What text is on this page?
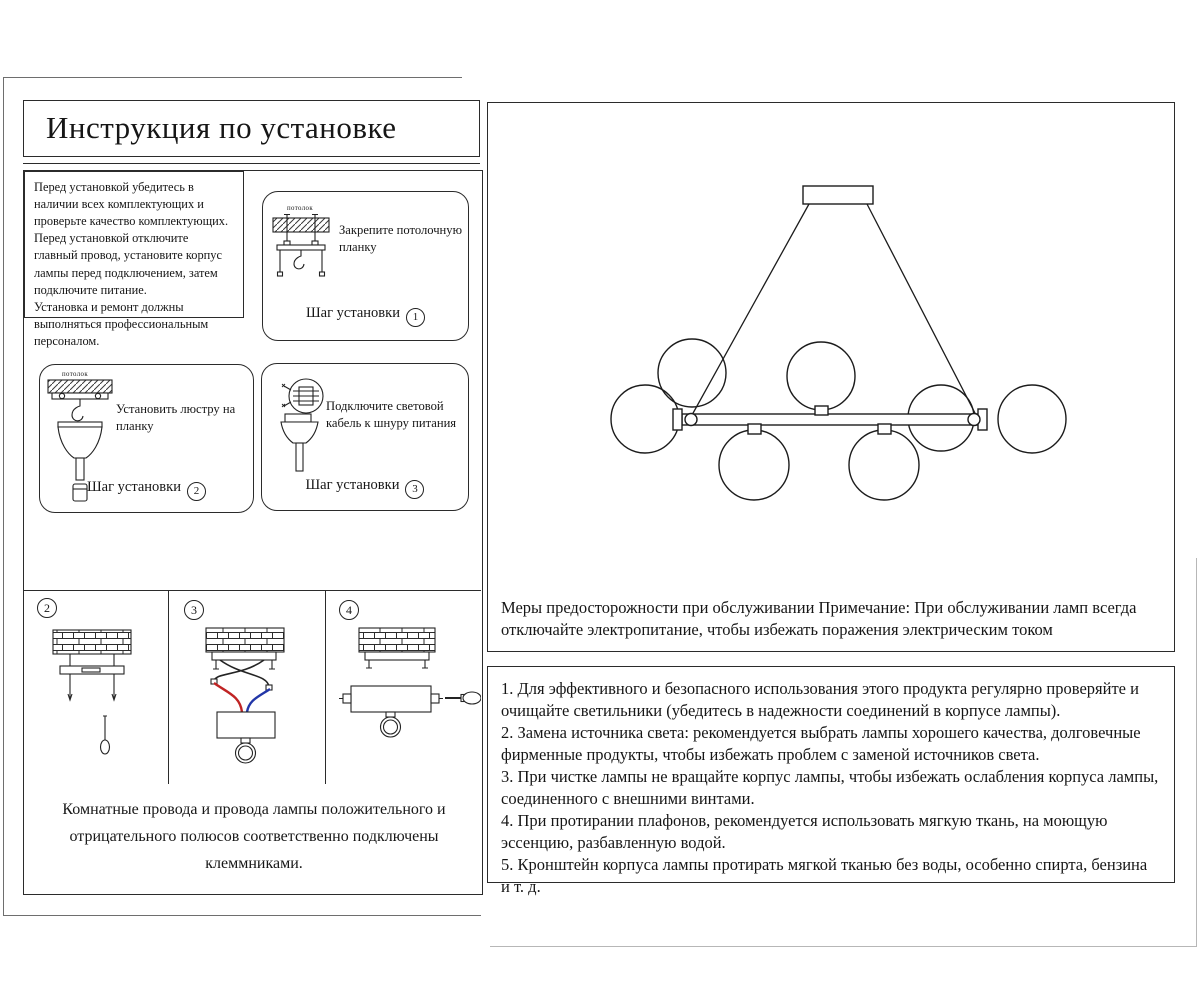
Инструкция по установке

Перед установкой убедитесь в наличии всех комплектующих и проверьте качество комплектующих.

Перед установкой отключите главный провод, установите корпус лампы перед подключением, затем подключите питание.

Установка и ремонт должны выполняться профессиональным персоналом.

потолок
Закрепите потолочную планку
Шаг установки 1
потолок
Установить люстру на планку
Шаг установки 2
Подключите световой кабель к шнуру питания
Шаг установки 3
2	3	4
Комнатные провода и провода лампы положительного и отрицательного полюсов соответственно подключены клеммниками.

Меры предосторожности при обслуживании Примечание: При обслуживании ламп всегда отключайте электропитание, чтобы избежать поражения электрическим током

1. Для эффективного и безопасного использования этого продукта регулярно проверяйте и очищайте светильники (убедитесь в надежности соединений в корпусе лампы).

2. Замена источника света: рекомендуется выбрать лампы хорошего качества, долговечные фирменные продукты, чтобы избежать проблем с заменой источников света.

3. При чистке лампы не вращайте корпус лампы, чтобы избежать ослабления корпуса лампы, соединенного с внешними винтами.

4. При протирании плафонов, рекомендуется использовать мягкую ткань, на моющую эссенцию, разбавленную водой.

5. Кронштейн корпуса лампы протирать мягкой тканью без воды, особенно спирта, бензина и т. д.
